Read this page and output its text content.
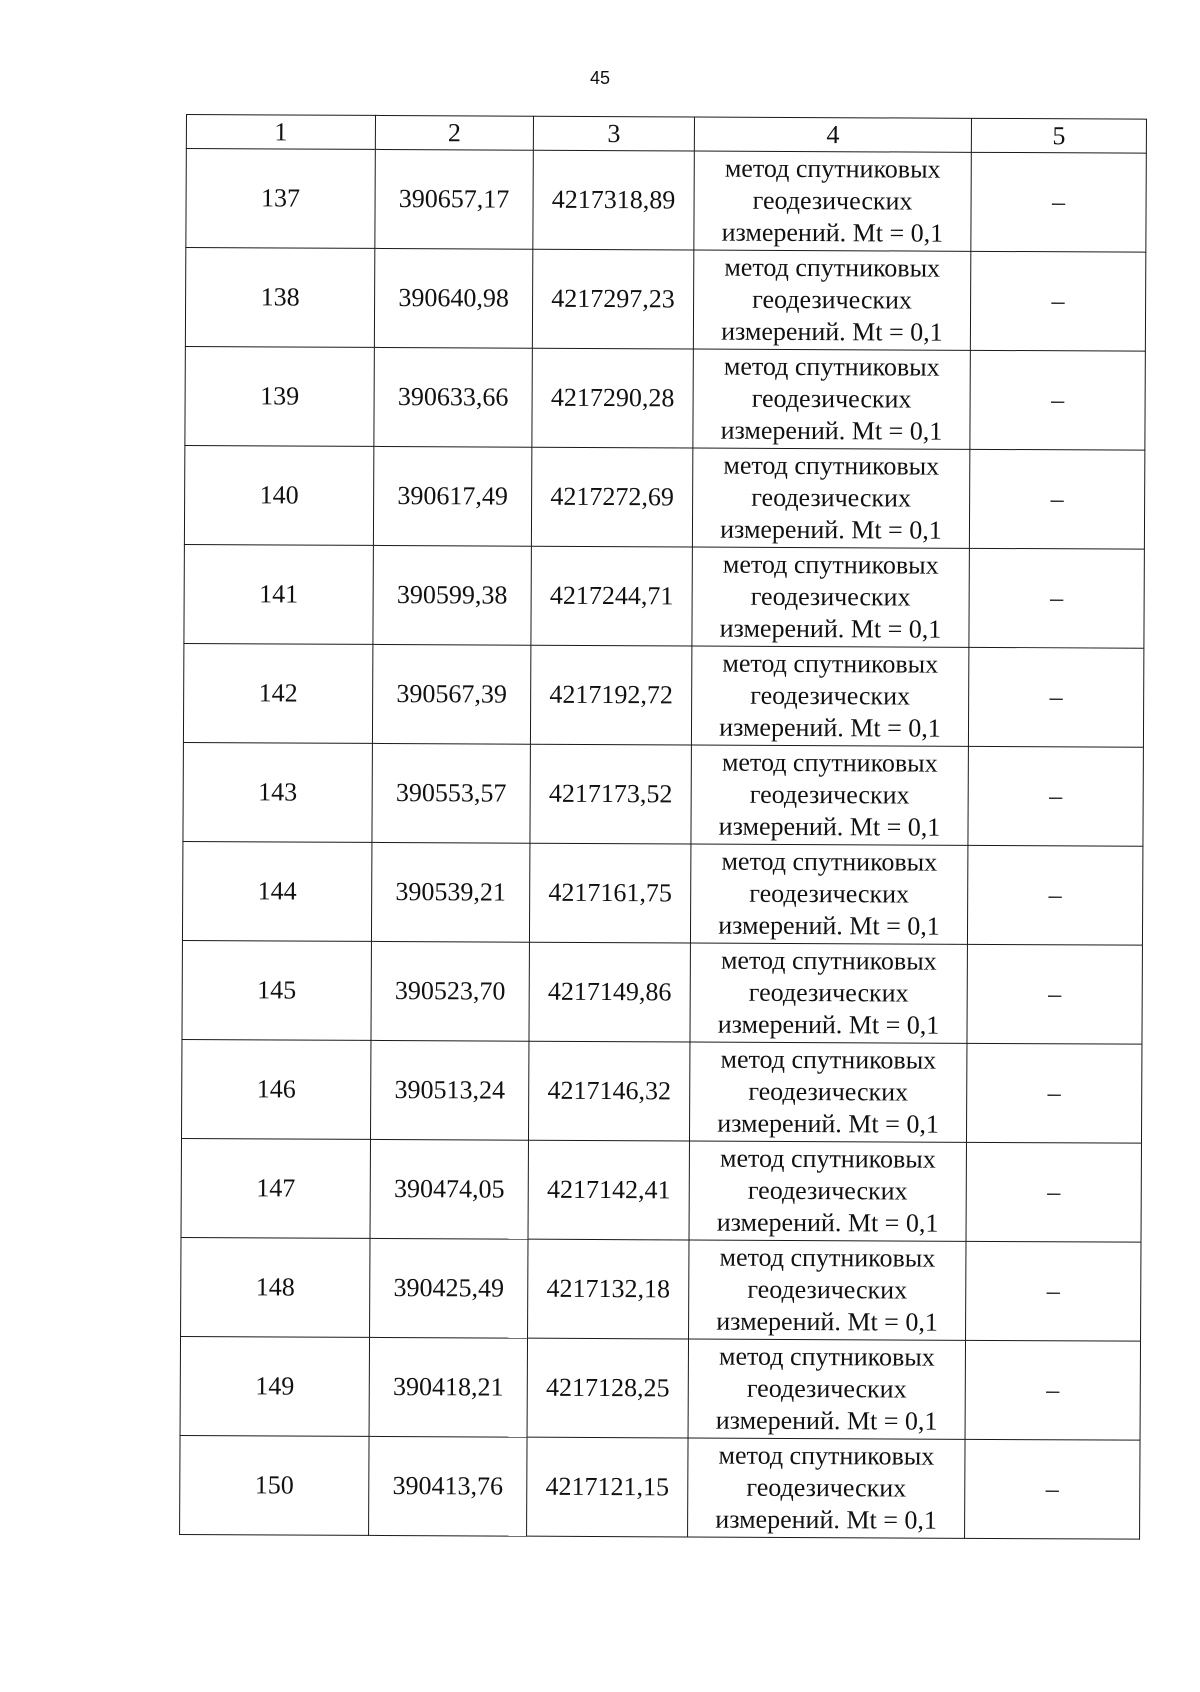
45
1	2	3	4	5
137	390657,17	4217318,89	метод спутниковых
геодезических
измерений. Mt = 0,1	–
138	390640,98	4217297,23	метод спутниковых
геодезических
измерений. Mt = 0,1	–
139	390633,66	4217290,28	метод спутниковых
геодезических
измерений. Mt = 0,1	–
140	390617,49	4217272,69	метод спутниковых
геодезических
измерений. Mt = 0,1	–
141	390599,38	4217244,71	метод спутниковых
геодезических
измерений. Mt = 0,1	–
142	390567,39	4217192,72	метод спутниковых
геодезических
измерений. Mt = 0,1	–
143	390553,57	4217173,52	метод спутниковых
геодезических
измерений. Mt = 0,1	–
144	390539,21	4217161,75	метод спутниковых
геодезических
измерений. Mt = 0,1	–
145	390523,70	4217149,86	метод спутниковых
геодезических
измерений. Mt = 0,1	–
146	390513,24	4217146,32	метод спутниковых
геодезических
измерений. Mt = 0,1	–
147	390474,05	4217142,41	метод спутниковых
геодезических
измерений. Mt = 0,1	–
148	390425,49	4217132,18	метод спутниковых
геодезических
измерений. Mt = 0,1	–
149	390418,21	4217128,25	метод спутниковых
геодезических
измерений. Mt = 0,1	–
150	390413,76	4217121,15	метод спутниковых
геодезических
измерений. Mt = 0,1	–
